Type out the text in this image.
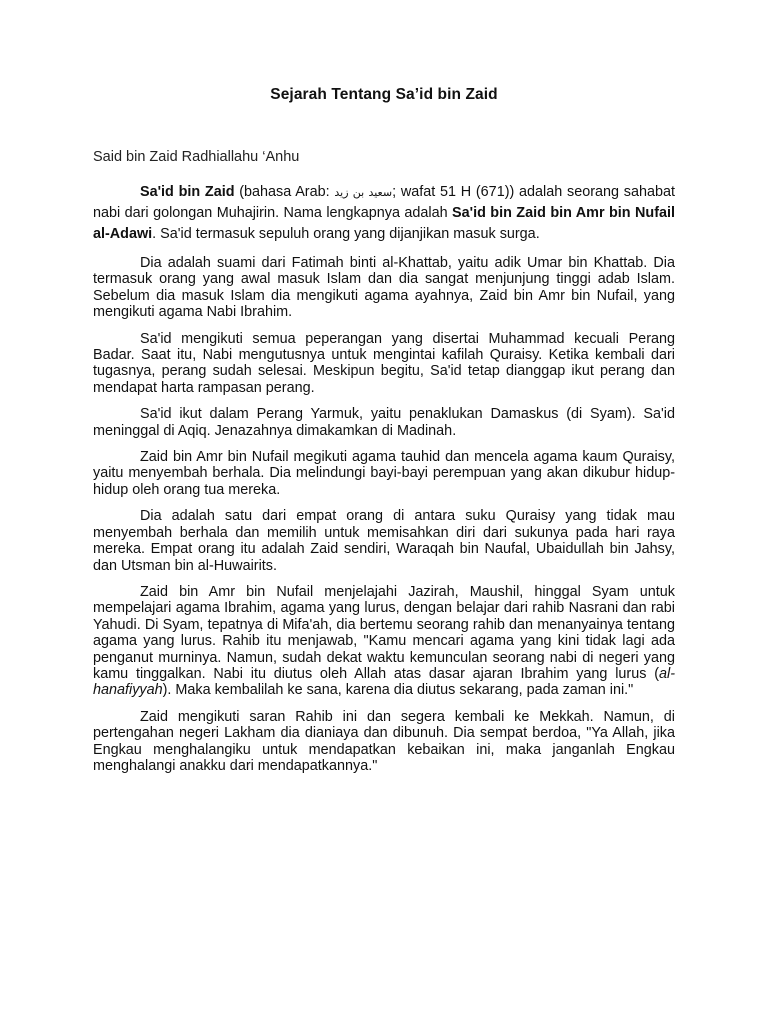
Sejarah Tentang Sa’id bin Zaid
Said bin Zaid Radhiallahu ‘Anhu

Sa'id bin Zaid (bahasa Arab: سعيد بن زيد; wafat 51 H (671)) adalah seorang sahabat nabi dari golongan Muhajirin. Nama lengkapnya adalah Sa'id bin Zaid bin Amr bin Nufail al-Adawi. Sa'id termasuk sepuluh orang yang dijanjikan masuk surga.

Dia adalah suami dari Fatimah binti al-Khattab, yaitu adik Umar bin Khattab. Dia termasuk orang yang awal masuk Islam dan dia sangat menjunjung tinggi adab Islam. Sebelum dia masuk Islam dia mengikuti agama ayahnya, Zaid bin Amr bin Nufail, yang mengikuti agama Nabi Ibrahim.

Sa'id mengikuti semua peperangan yang disertai Muhammad kecuali Perang Badar. Saat itu, Nabi mengutusnya untuk mengintai kafilah Quraisy. Ketika kembali dari tugasnya, perang sudah selesai. Meskipun begitu, Sa'id tetap dianggap ikut perang dan mendapat harta rampasan perang.

Sa'id ikut dalam Perang Yarmuk, yaitu penaklukan Damaskus (di Syam). Sa'id meninggal di Aqiq. Jenazahnya dimakamkan di Madinah.

Zaid bin Amr bin Nufail megikuti agama tauhid dan mencela agama kaum Quraisy, yaitu menyembah berhala. Dia melindungi bayi-bayi perempuan yang akan dikubur hidup-hidup oleh orang tua mereka.

Dia adalah satu dari empat orang di antara suku Quraisy yang tidak mau menyembah berhala dan memilih untuk memisahkan diri dari sukunya pada hari raya mereka. Empat orang itu adalah Zaid sendiri, Waraqah bin Naufal, Ubaidullah bin Jahsy, dan Utsman bin al-Huwairits.

Zaid bin Amr bin Nufail menjelajahi Jazirah, Maushil, hinggal Syam untuk mempelajari agama Ibrahim, agama yang lurus, dengan belajar dari rahib Nasrani dan rabi Yahudi. Di Syam, tepatnya di Mifa'ah, dia bertemu seorang rahib dan menanyainya tentang agama yang lurus. Rahib itu menjawab, "Kamu mencari agama yang kini tidak lagi ada penganut murninya. Namun, sudah dekat waktu kemunculan seorang nabi di negeri yang kamu tinggalkan. Nabi itu diutus oleh Allah atas dasar ajaran Ibrahim yang lurus (al-hanafiyyah). Maka kembalilah ke sana, karena dia diutus sekarang, pada zaman ini."

Zaid mengikuti saran Rahib ini dan segera kembali ke Mekkah. Namun, di pertengahan negeri Lakham dia dianiaya dan dibunuh. Dia sempat berdoa, "Ya Allah, jika Engkau menghalangiku untuk mendapatkan kebaikan ini, maka janganlah Engkau menghalangi anakku dari mendapatkannya."
